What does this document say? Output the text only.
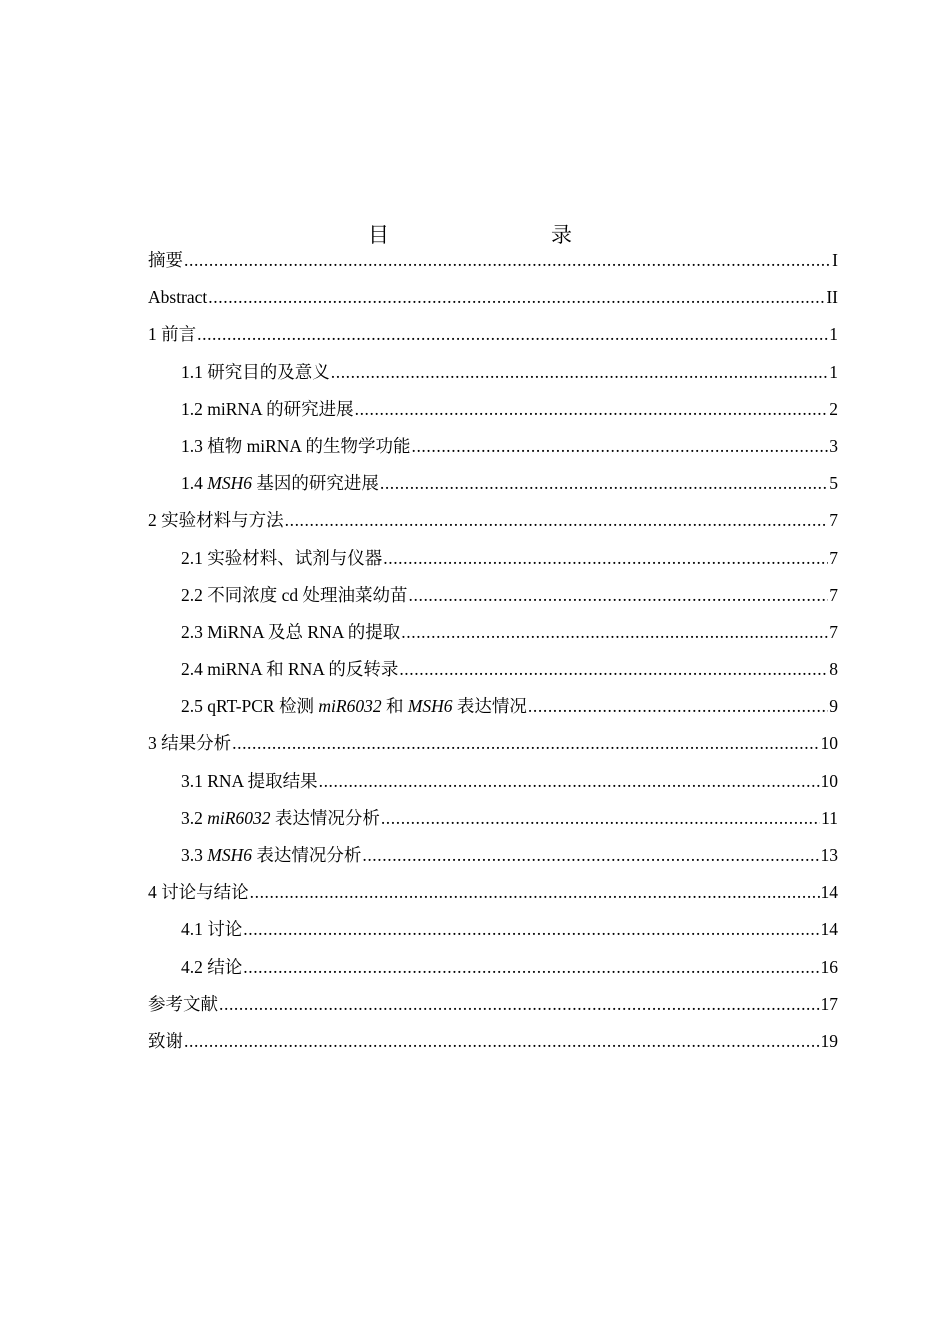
目　　录
摘要 .....	I
Abstract .....	II
1 前言 .....	1
1.1 研究目的及意义 .....	1
1.2 miRNA 的研究进展 .....	2
1.3 植物 miRNA 的生物学功能 .....	3
1.4 MSH6 基因的研究进展 .....	5
2 实验材料与方法 .....	7
2.1 实验材料、试剂与仪器 .....	7
2.2 不同浓度 cd 处理油菜幼苗 .....	7
2.3 MiRNA 及总 RNA 的提取 .....	7
2.4 miRNA 和 RNA 的反转录 .....	8
2.5 qRT-PCR 检测 miR6032 和 MSH6 表达情况 .....	9
3 结果分析 .....	10
3.1 RNA 提取结果 .....	10
3.2 miR6032 表达情况分析 .....	11
3.3 MSH6 表达情况分析 .....	13
4 讨论与结论 .....	14
4.1 讨论 .....	14
4.2 结论 .....	16
参考文献 .....	17
致谢 .....	19
